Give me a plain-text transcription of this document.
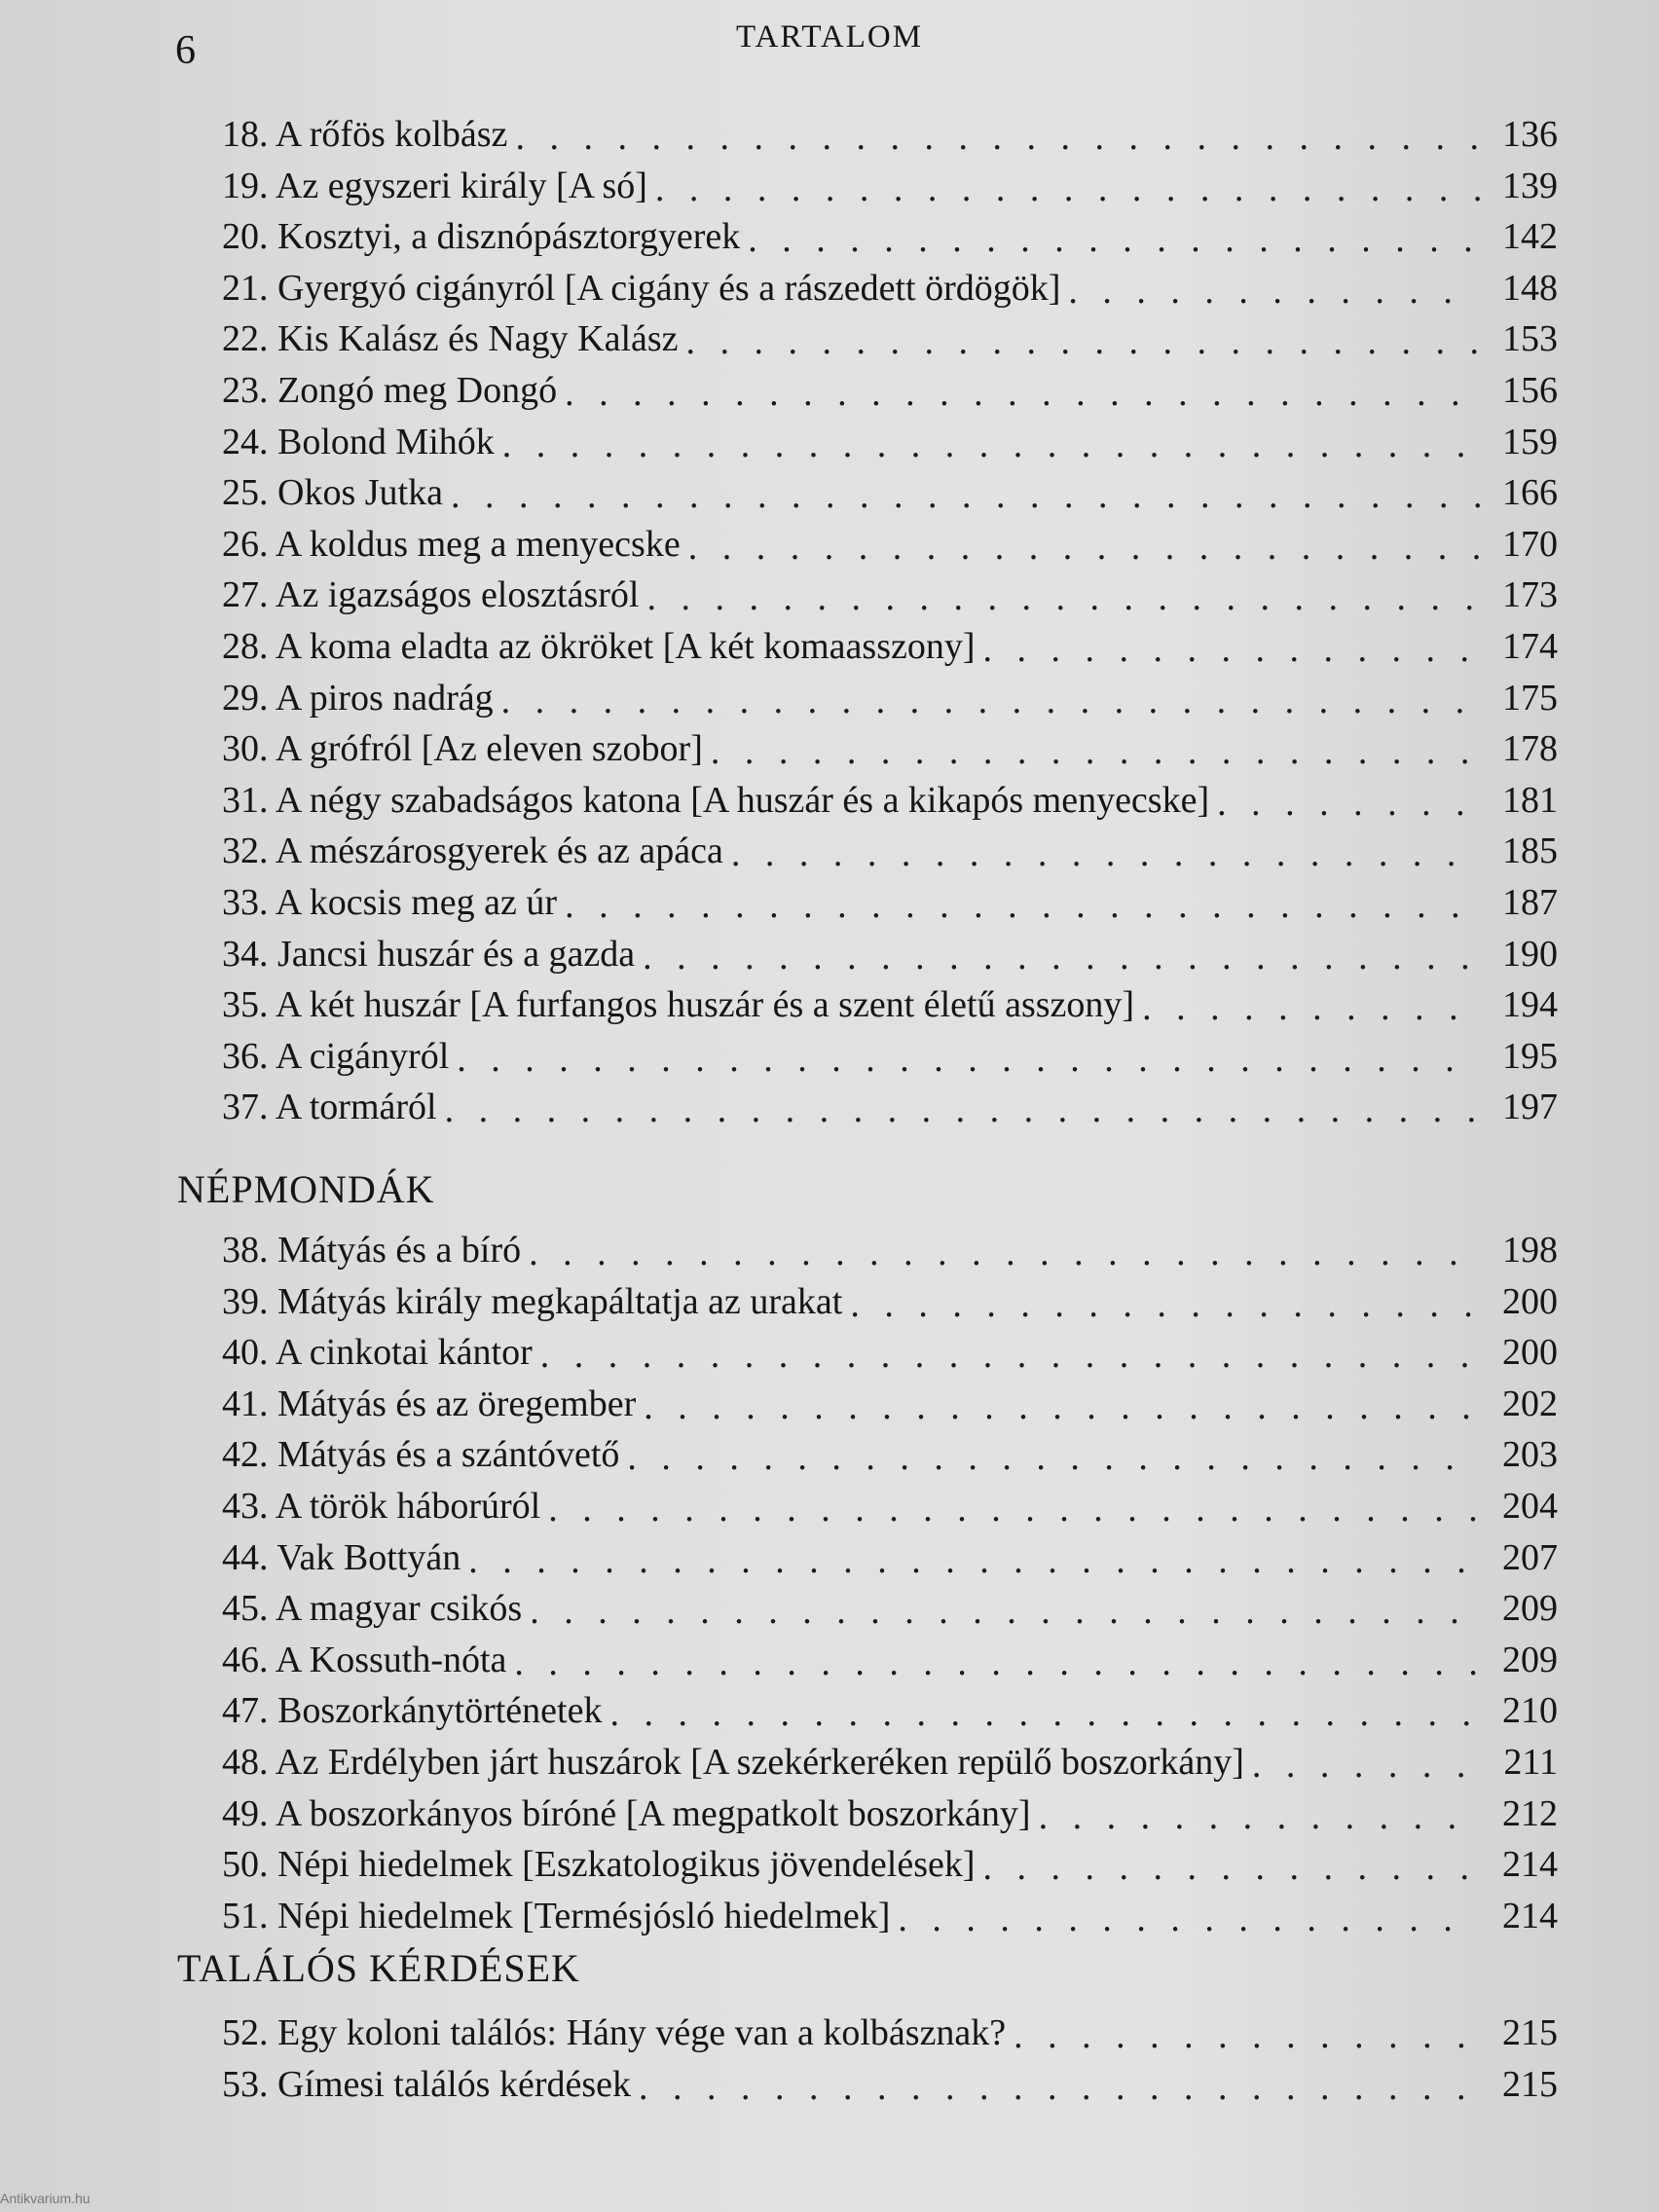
6	TARTALOM
18. A rőfös kolbász . . .	136
19. Az egyszeri király [A só] . . .	139
20. Kosztyi, a disznópásztorgyerek . . .	142
21. Gyergyó cigányról [A cigány és a rászedett ördögök] . . .	148
22. Kis Kalász és Nagy Kalász . . .	153
23. Zongó meg Dongó . . .	156
24. Bolond Mihók . . .	159
25. Okos Jutka . . .	166
26. A koldus meg a menyecske . . .	170
27. Az igazságos elosztásról . . .	173
28. A koma eladta az ökröket [A két komaasszony] . . .	174
29. A piros nadrág . . .	175
30. A grófról [Az eleven szobor] . . .	178
31. A négy szabadságos katona [A huszár és a kikapós menyecske] . . .	181
32. A mészárosgyerek és az apáca . . .	185
33. A kocsis meg az úr . . .	187
34. Jancsi huszár és a gazda . . .	190
35. A két huszár [A furfangos huszár és a szent életű asszony] . . .	194
36. A cigányról . . .	195
37. A tormáról . . .	197
NÉPMONDÁK
38. Mátyás és a bíró . . .	198
39. Mátyás király megkapáltatja az urakat . . .	200
40. A cinkotai kántor . . .	200
41. Mátyás és az öregember . . .	202
42. Mátyás és a szántóvető . . .	203
43. A török háborúról . . .	204
44. Vak Bottyán . . .	207
45. A magyar csikós . . .	209
46. A Kossuth-nóta . . .	209
47. Boszorkánytörténetek . . .	210
48. Az Erdélyben járt huszárok [A szekérkeréken repülő boszorkány] . . .	211
49. A boszorkányos bíróné [A megpatkolt boszorkány] . . .	212
50. Népi hiedelmek [Eszkatologikus jövendelések] . . .	214
51. Népi hiedelmek [Termésjósló hiedelmek] . . .	214
TALÁLÓS KÉRDÉSEK
52. Egy koloni találós: Hány vége van a kolbásznak? . . .	215
53. Gímesi találós kérdések . . .	215
Antikvarium.hu
